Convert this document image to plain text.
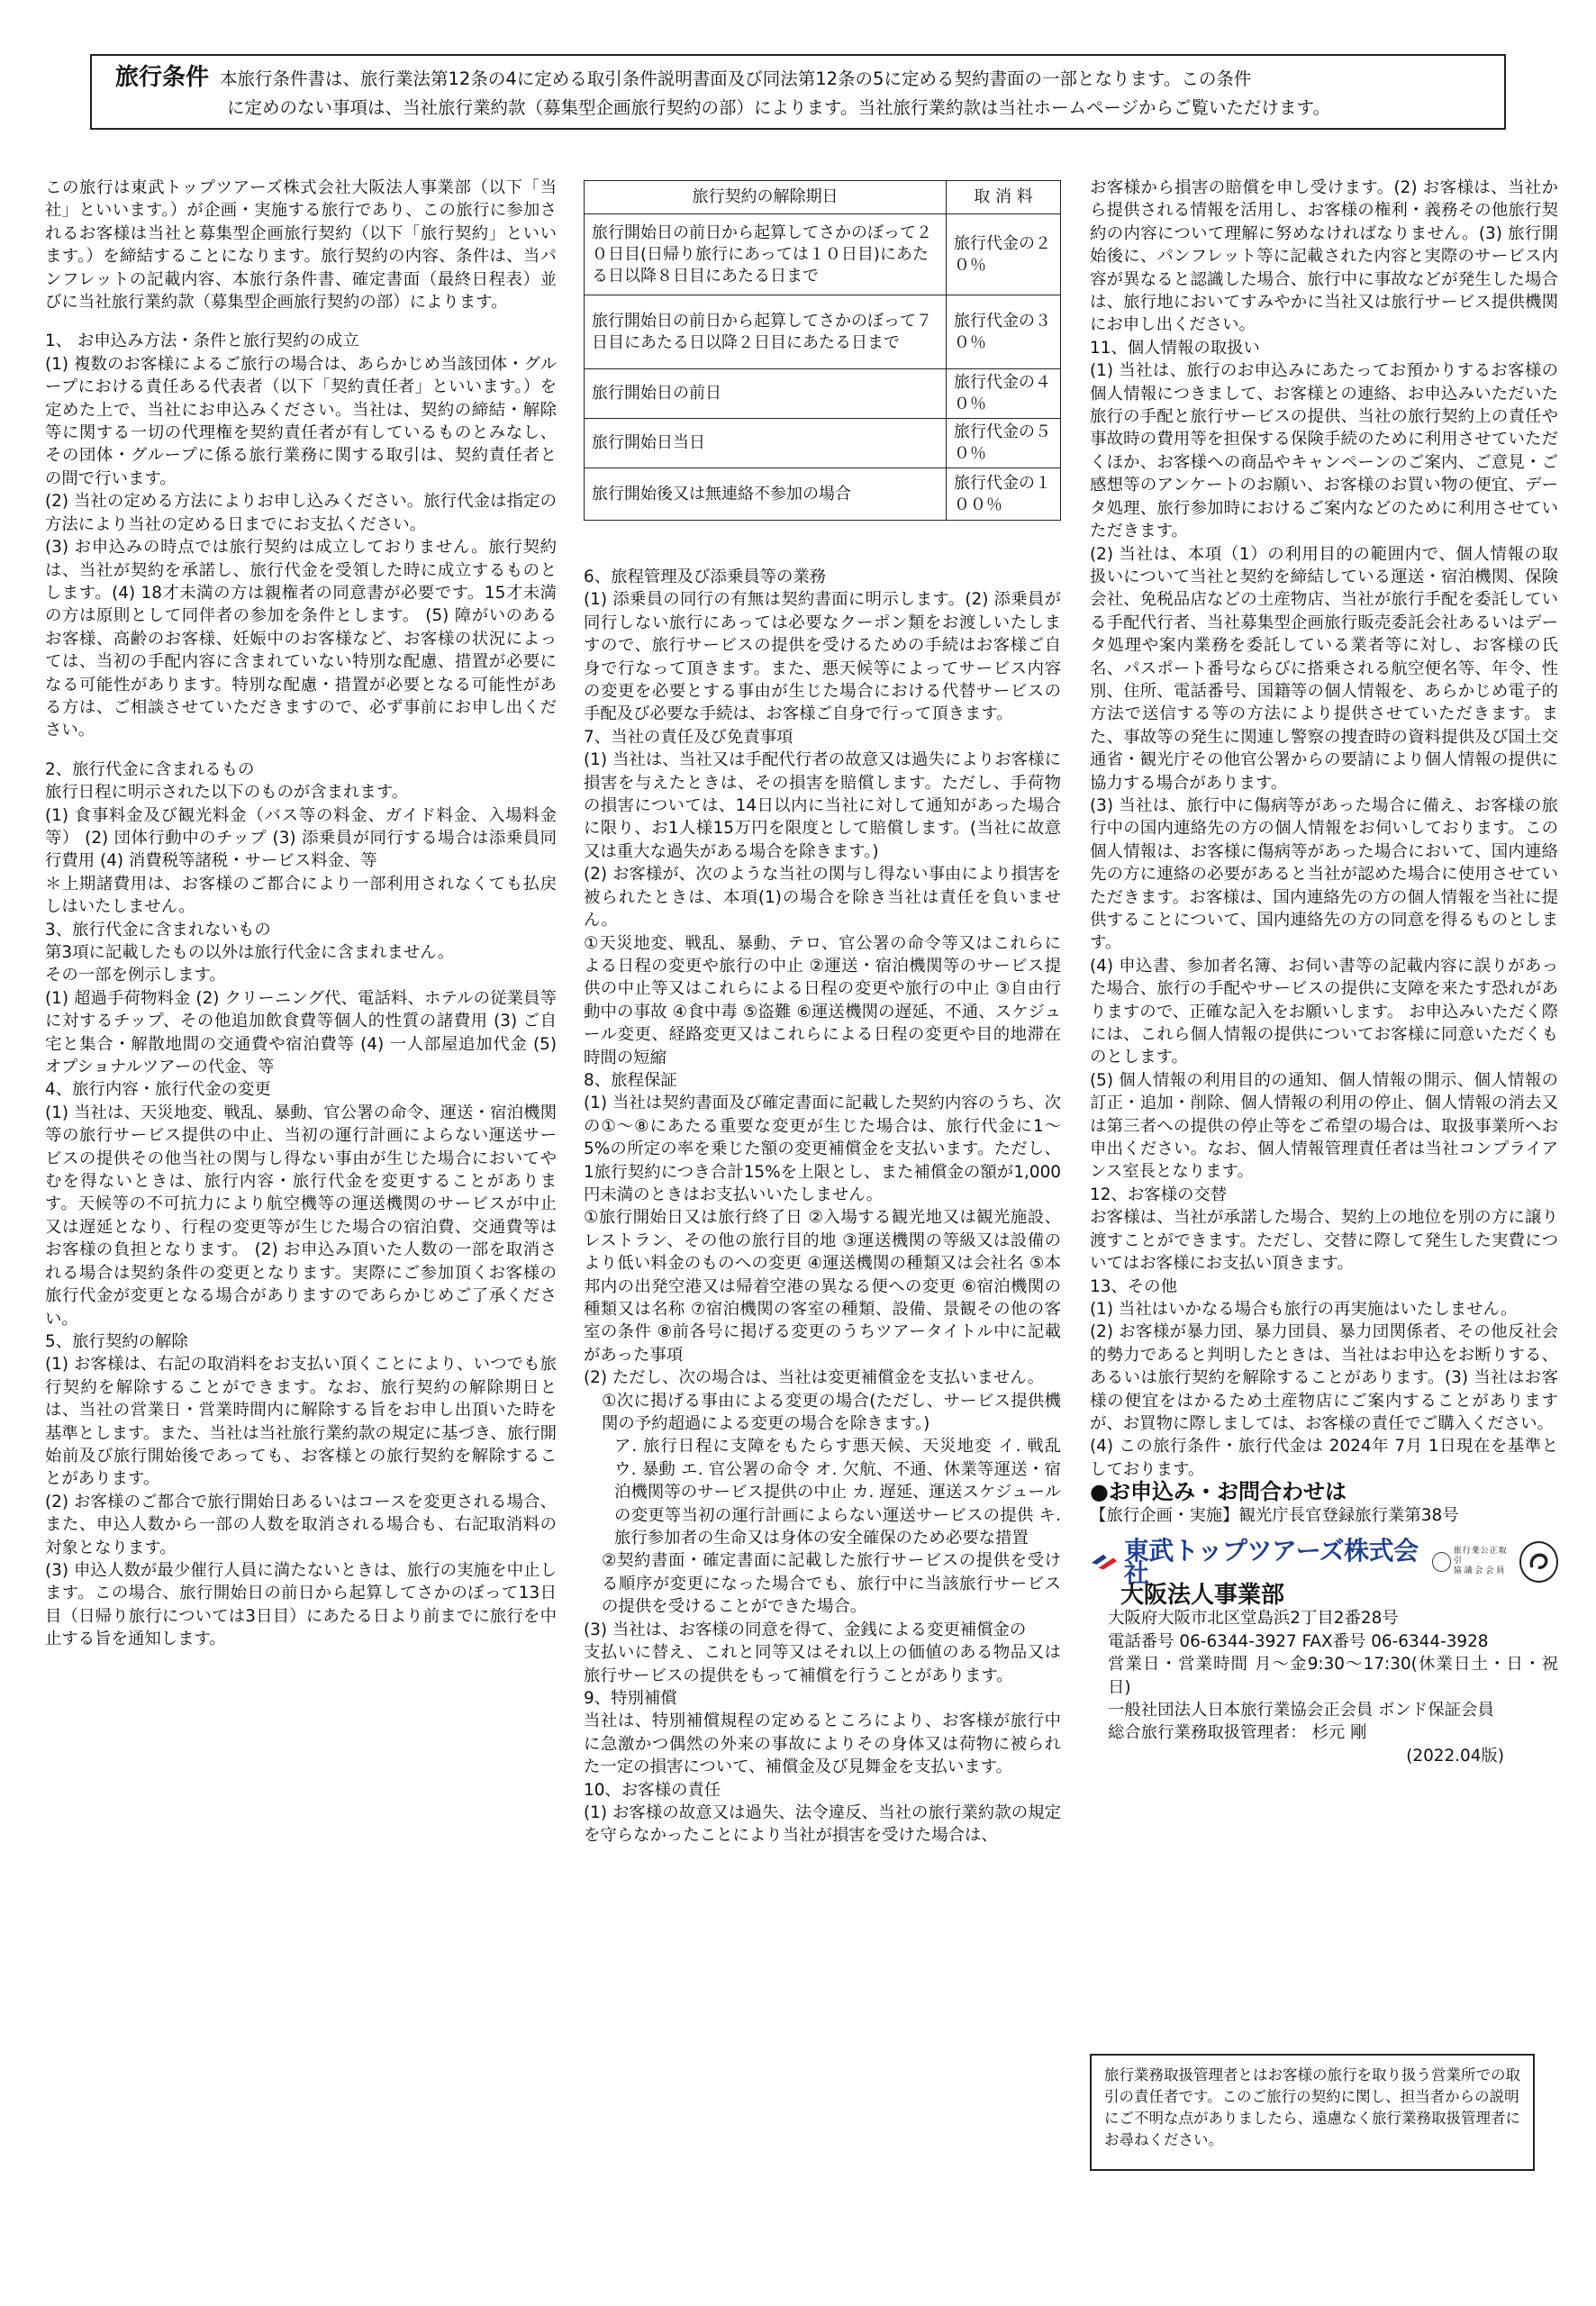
旅行条件 本旅行条件書は、旅行業法第12条の4に定める取引条件説明書面及び同法第12条の5に定める契約書面の一部となります。この条件
に定めのない事項は、当社旅行業約款（募集型企画旅行契約の部）によります。当社旅行業約款は当社ホームページからご覧いただけます。

この旅行は東武トップツアーズ株式会社大阪法人事業部（以下「当社」といいます。）が企画・実施する旅行であり、この旅行に参加されるお客様は当社と募集型企画旅行契約（以下「旅行契約」といいます。）を締結することになります。旅行契約の内容、条件は、当パンフレットの記載内容、本旅行条件書、確定書面（最終日程表）並びに当社旅行業約款（募集型企画旅行契約の部）によります。

1、 お申込み方法・条件と旅行契約の成立

(1) 複数のお客様によるご旅行の場合は、あらかじめ当該団体・グループにおける責任ある代表者（以下「契約責任者」といいます。）を定めた上で、当社にお申込みください。当社は、契約の締結・解除等に関する一切の代理権を契約責任者が有しているものとみなし、その団体・グループに係る旅行業務に関する取引は、契約責任者との間で行います。

(2) 当社の定める方法によりお申し込みください。旅行代金は指定の方法により当社の定める日までにお支払ください。

(3) お申込みの時点では旅行契約は成立しておりません。旅行契約は、当社が契約を承諾し、旅行代金を受領した時に成立するものとします。(4) 18才未満の方は親権者の同意書が必要です。15才未満の方は原則として同伴者の参加を条件とします。 (5) 障がいのあるお客様、高齢のお客様、妊娠中のお客様など、お客様の状況によっては、当初の手配内容に含まれていない特別な配慮、措置が必要になる可能性があります。特別な配慮・措置が必要となる可能性がある方は、ご相談させていただきますので、必ず事前にお申し出ください。

2、旅行代金に含まれるもの

旅行日程に明示された以下のものが含まれます。

(1) 食事料金及び観光料金（バス等の料金、ガイド料金、入場料金等） (2) 団体行動中のチップ (3) 添乗員が同行する場合は添乗員同行費用 (4) 消費税等諸税・サービス料金、等

＊上期諸費用は、お客様のご都合により一部利用されなくても払戻しはいたしません。

3、旅行代金に含まれないもの

第3項に記載したもの以外は旅行代金に含まれません。

その一部を例示します。

(1) 超過手荷物料金 (2) クリーニング代、電話料、ホテルの従業員等に対するチップ、その他追加飲食費等個人的性質の諸費用 (3) ご自宅と集合・解散地間の交通費や宿泊費等 (4) 一人部屋追加代金 (5) オプショナルツアーの代金、等

4、旅行内容・旅行代金の変更

(1) 当社は、天災地変、戦乱、暴動、官公署の命令、運送・宿泊機関等の旅行サービス提供の中止、当初の運行計画によらない運送サービスの提供その他当社の関与し得ない事由が生じた場合においてやむを得ないときは、旅行内容・旅行代金を変更することがあります。天候等の不可抗力により航空機等の運送機関のサービスが中止又は遅延となり、行程の変更等が生じた場合の宿泊費、交通費等はお客様の負担となります。 (2) お申込み頂いた人数の一部を取消される場合は契約条件の変更となります。実際にご参加頂くお客様の旅行代金が変更となる場合がありますのであらかじめご了承ください。

5、旅行契約の解除

(1) お客様は、右記の取消料をお支払い頂くことにより、いつでも旅行契約を解除することができます。なお、旅行契約の解除期日とは、当社の営業日・営業時間内に解除する旨をお申し出頂いた時を基準とします。また、当社は当社旅行業約款の規定に基づき、旅行開始前及び旅行開始後であっても、お客様との旅行契約を解除することがあります。

(2) お客様のご都合で旅行開始日あるいはコースを変更される場合、また、申込人数から一部の人数を取消される場合も、右記取消料の対象となります。

(3) 申込人数が最少催行人員に満たないときは、旅行の実施を中止します。この場合、旅行開始日の前日から起算してさかのぼって13日目（日帰り旅行については3日目）にあたる日より前までに旅行を中止する旨を通知します。

旅行契約の解除期日	取 消 料
旅行開始日の前日から起算してさかのぼって２０日目(日帰り旅行にあっては１０日目)にあたる日以降８日目にあたる日まで	旅行代金の２０％
旅行開始日の前日から起算してさかのぼって７日目にあたる日以降２日目にあたる日まで	旅行代金の３０％
旅行開始日の前日	旅行代金の４０％
旅行開始日当日	旅行代金の５０％
旅行開始後又は無連絡不参加の場合	旅行代金の１００％

6、旅程管理及び添乗員等の業務

(1) 添乗員の同行の有無は契約書面に明示します。(2) 添乗員が同行しない旅行にあっては必要なクーポン類をお渡しいたしますので、旅行サービスの提供を受けるための手続はお客様ご自身で行なって頂きます。また、悪天候等によってサービス内容の変更を必要とする事由が生じた場合における代替サービスの手配及び必要な手続は、お客様ご自身で行って頂きます。

7、当社の責任及び免責事項

(1) 当社は、当社又は手配代行者の故意又は過失によりお客様に損害を与えたときは、その損害を賠償します。ただし、手荷物の損害については、14日以内に当社に対して通知があった場合に限り、お1人様15万円を限度として賠償します。(当社に故意又は重大な過失がある場合を除きます。)

(2) お客様が、次のような当社の関与し得ない事由により損害を被られたときは、本項(1)の場合を除き当社は責任を負いません。

①天災地変、戦乱、暴動、テロ、官公署の命令等又はこれらによる日程の変更や旅行の中止 ②運送・宿泊機関等のサービス提供の中止等又はこれらによる日程の変更や旅行の中止 ③自由行動中の事故 ④食中毒 ⑤盗難 ⑥運送機関の遅延、不通、スケジュール変更、経路変更又はこれらによる日程の変更や目的地滞在時間の短縮

8、旅程保証

(1) 当社は契約書面及び確定書面に記載した契約内容のうち、次の①～⑧にあたる重要な変更が生じた場合は、旅行代金に1～5%の所定の率を乗じた額の変更補償金を支払います。ただし、1旅行契約につき合計15%を上限とし、また補償金の額が1,000円未満のときはお支払いいたしません。

①旅行開始日又は旅行終了日 ②入場する観光地又は観光施設、レストラン、その他の旅行目的地 ③運送機関の等級又は設備のより低い料金のものへの変更 ④運送機関の種類又は会社名 ⑤本邦内の出発空港又は帰着空港の異なる便への変更 ⑥宿泊機関の種類又は名称 ⑦宿泊機関の客室の種類、設備、景観その他の客室の条件 ⑧前各号に掲げる変更のうちツアータイトル中に記載があった事項

(2) ただし、次の場合は、当社は変更補償金を支払いません。

①次に掲げる事由による変更の場合(ただし、サービス提供機関の予約超過による変更の場合を除きます。)

ア. 旅行日程に支障をもたらす悪天候、天災地変 イ. 戦乱 ウ. 暴動 エ. 官公署の命令 オ. 欠航、不通、休業等運送・宿泊機関等のサービス提供の中止 カ. 遅延、運送スケジュールの変更等当初の運行計画によらない運送サービスの提供 キ. 旅行参加者の生命又は身体の安全確保のため必要な措置

②契約書面・確定書面に記載した旅行サービスの提供を受ける順序が変更になった場合でも、旅行中に当該旅行サービスの提供を受けることができた場合。

(3) 当社は、お客様の同意を得て、金銭による変更補償金の

支払いに替え、これと同等又はそれ以上の価値のある物品又は旅行サービスの提供をもって補償を行うことがあります。

9、特別補償

当社は、特別補償規程の定めるところにより、お客様が旅行中に急激かつ偶然の外来の事故によりその身体又は荷物に被られた一定の損害について、補償金及び見舞金を支払います。

10、お客様の責任

(1) お客様の故意又は過失、法令違反、当社の旅行業約款の規定を守らなかったことにより当社が損害を受けた場合は、

お客様から損害の賠償を申し受けます。(2) お客様は、当社から提供される情報を活用し、お客様の権利・義務その他旅行契約の内容について理解に努めなければなりません。(3) 旅行開始後に、パンフレット等に記載された内容と実際のサービス内容が異なると認識した場合、旅行中に事故などが発生した場合は、旅行地においてすみやかに当社又は旅行サービス提供機関にお申し出ください。

11、個人情報の取扱い

(1) 当社は、旅行のお申込みにあたってお預かりするお客様の個人情報につきまして、お客様との連絡、お申込みいただいた旅行の手配と旅行サービスの提供、当社の旅行契約上の責任や事故時の費用等を担保する保険手続のために利用させていただくほか、お客様への商品やキャンペーンのご案内、ご意見・ご感想等のアンケートのお願い、お客様のお買い物の便宜、データ処理、旅行参加時におけるご案内などのために利用させていただきます。

(2) 当社は、本項（1）の利用目的の範囲内で、個人情報の取扱いについて当社と契約を締結している運送・宿泊機関、保険会社、免税品店などの土産物店、当社が旅行手配を委託している手配代行者、当社募集型企画旅行販売委託会社あるいはデータ処理や案内業務を委託している業者等に対し、お客様の氏名、パスポート番号ならびに搭乗される航空便名等、年令、性別、住所、電話番号、国籍等の個人情報を、あらかじめ電子的方法で送信する等の方法により提供させていただきます。また、事故等の発生に関連し警察の捜査時の資料提供及び国土交通省・観光庁その他官公署からの要請により個人情報の提供に協力する場合があります。

(3) 当社は、旅行中に傷病等があった場合に備え、お客様の旅行中の国内連絡先の方の個人情報をお伺いしております。この個人情報は、お客様に傷病等があった場合において、国内連絡先の方に連絡の必要があると当社が認めた場合に使用させていただきます。お客様は、国内連絡先の方の個人情報を当社に提供することについて、国内連絡先の方の同意を得るものとします。

(4) 申込書、参加者名簿、お伺い書等の記載内容に誤りがあった場合、旅行の手配やサービスの提供に支障を来たす恐れがありますので、正確な記入をお願いします。 お申込みいただく際には、これら個人情報の提供についてお客様に同意いただくものとします。

(5) 個人情報の利用目的の通知、個人情報の開示、個人情報の訂正・追加・削除、個人情報の利用の停止、個人情報の消去又は第三者への提供の停止等をご希望の場合は、取扱事業所へお申出ください。なお、個人情報管理責任者は当社コンプライアンス室長となります。

12、お客様の交替

お客様は、当社が承諾した場合、契約上の地位を別の方に譲り渡すことができます。ただし、交替に際して発生した実費についてはお客様にお支払い頂きます。

13、その他

(1) 当社はいかなる場合も旅行の再実施はいたしません。

(2) お客様が暴力団、暴力団員、暴力団関係者、その他反社会的勢力であると判明したときは、当社はお申込をお断りする、あるいは旅行契約を解除することがあります。(3) 当社はお客様の便宜をはかるため土産物店にご案内することがありますが、お買物に際しましては、お客様の責任でご購入ください。

(4) この旅行条件・旅行代金は 2024年 7月 1日現在を基準としております。

●お申込み・お問合わせは

【旅行企画・実施】観光庁長官登録旅行業第38号

東武トップツアーズ株式会社
旅行業公正取引
協 議 会 会 員

大阪法人事業部

大阪府大阪市北区堂島浜2丁目2番28号

電話番号 06-6344-3927 FAX番号 06-6344-3928

営業日・営業時間 月～金9:30～17:30(休業日土・日・祝日)

一般社団法人日本旅行業協会正会員 ボンド保証会員

総合旅行業務取扱管理者： 杉元 剛

(2022.04版)

旅行業務取扱管理者とはお客様の旅行を取り扱う営業所での取引の責任者です。このご旅行の契約に関し、担当者からの説明にご不明な点がありましたら、遠慮なく旅行業務取扱管理者にお尋ねください。
